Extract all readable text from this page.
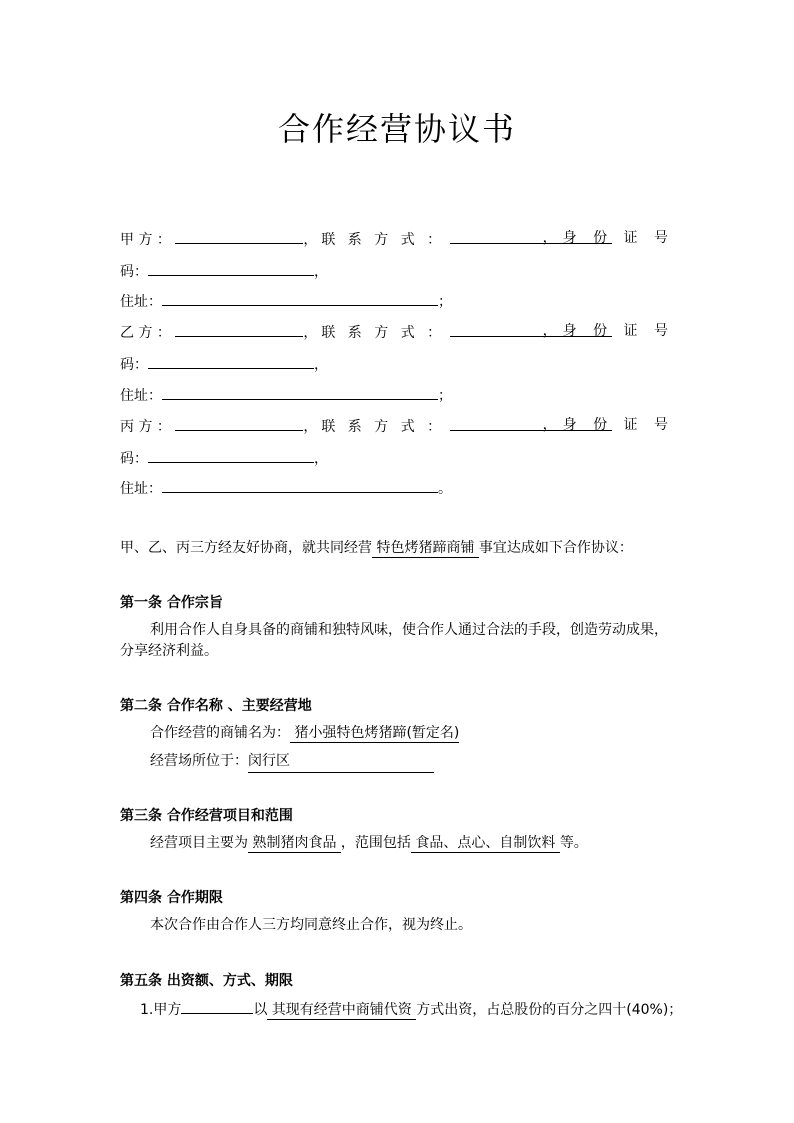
合作经营协议书
甲 方 ：	，联 系 方 式 ：	，身 份 证 号
码：	，
住址：	；
乙 方 ：	，联 系 方 式 ：	，身 份 证 号
码：	，
住址：	；
丙 方 ：	，联 系 方 式 ：	，身 份 证 号
码：	，
住址：	。
甲、乙、丙三方经友好协商，就共同经营 特色烤猪蹄商铺 事宜达成如下合作协议：
第一条 合作宗旨
利用合作人自身具备的商铺和独特风味，使合作人通过合法的手段，创造劳动成果，
分享经济利益。
第二条 合作名称 、主要经营地
合作经营的商铺名为： 猪小强特色烤猪蹄(暂定名)
经营场所位于：闵行区
第三条 合作经营项目和范围
经营项目主要为 熟制猪肉食品 ，范围包括 食品、点心、自制饮料 等。
第四条 合作期限
本次合作由合作人三方均同意终止合作，视为终止。
第五条 出资额、方式、期限
1.甲方	以 其现有经营中商铺代资 方式出资，占总股份的百分之四十(40%)；
